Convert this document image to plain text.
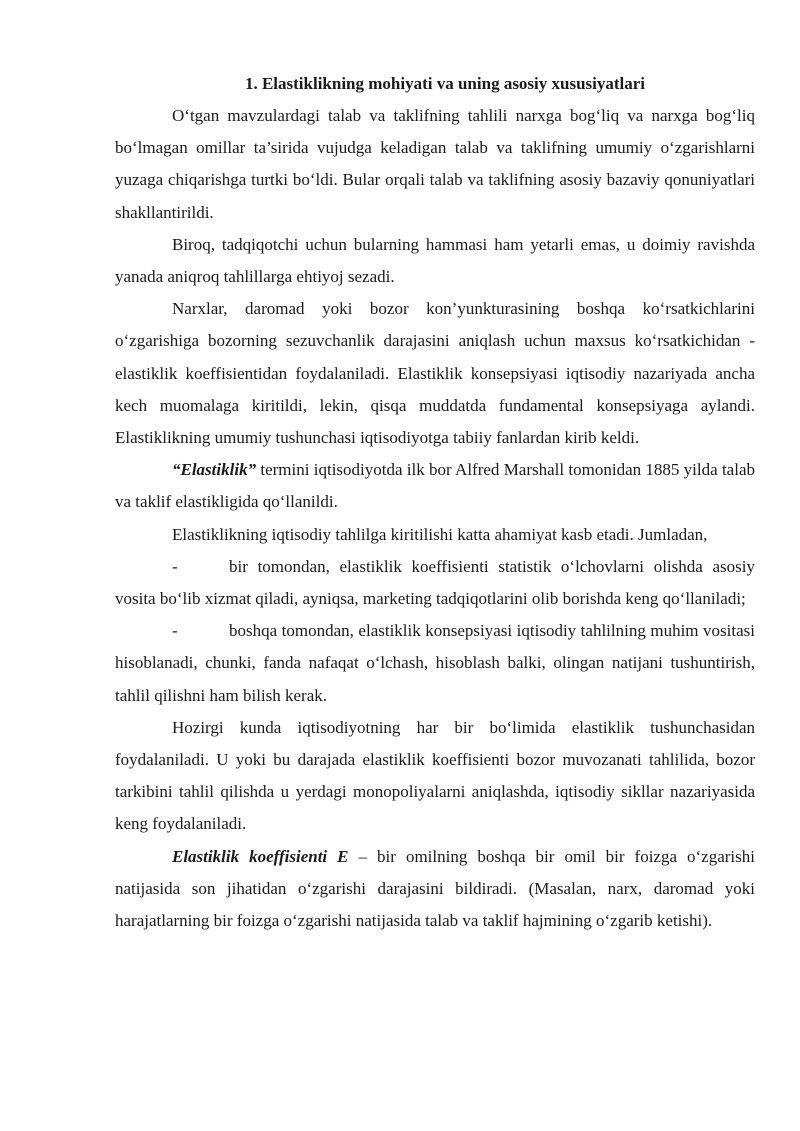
1. Elastiklikning mohiyati va uning asosiy xususiyatlari

O‘tgan mavzulardagi talab va taklifning tahlili narxga bog‘liq va narxga bog‘liq bo‘lmagan omillar ta’sirida vujudga keladigan talab va taklifning umumiy o‘zgarishlarni yuzaga chiqarishga turtki bo‘ldi. Bular orqali talab va taklifning asosiy bazaviy qonuniyatlari shakllantirildi.

Biroq, tadqiqotchi uchun bularning hammasi ham yetarli emas, u doimiy ravishda yanada aniqroq tahlillarga ehtiyoj sezadi.

Narxlar, daromad yoki bozor kon’yunkturasining boshqa ko‘rsatkichlarini o‘zgarishiga bozorning sezuvchanlik darajasini aniqlash uchun maxsus ko‘rsatkichidan - elastiklik koeffisientidan foydalaniladi. Elastiklik konsepsiyasi iqtisodiy nazariyada ancha kech muomalaga kiritildi, lekin, qisqa muddatda fundamental konsepsiyaga aylandi. Elastiklikning umumiy tushunchasi iqtisodiyotga tabiiy fanlardan kirib keldi.

“Elastiklik” termini iqtisodiyotda ilk bor Alfred Marshall tomonidan 1885 yilda talab va taklif elastikligida qo‘llanildi.

Elastiklikning iqtisodiy tahlilga kiritilishi katta ahamiyat kasb etadi. Jumladan,

-	bir tomondan, elastiklik koeffisienti statistik o‘lchovlarni olishda asosiy vosita bo‘lib xizmat qiladi, ayniqsa, marketing tadqiqotlarini olib borishda keng qo‘llaniladi;

-	boshqa tomondan, elastiklik konsepsiyasi iqtisodiy tahlilning muhim vositasi hisoblanadi, chunki, fanda nafaqat o‘lchash, hisoblash balki, olingan natijani tushuntirish, tahlil qilishni ham bilish kerak.

Hozirgi kunda iqtisodiyotning har bir bo‘limida elastiklik tushunchasidan foydalaniladi. U yoki bu darajada elastiklik koeffisienti bozor muvozanati tahlilida, bozor tarkibini tahlil qilishda u yerdagi monopoliyalarni aniqlashda, iqtisodiy sikllar nazariyasida keng foydalaniladi.

Elastiklik koeffisienti E – bir omilning boshqa bir omil bir foizga o‘zgarishi natijasida son jihatidan o‘zgarishi darajasini bildiradi. (Masalan, narx, daromad yoki harajatlarning bir foizga o‘zgarishi natijasida talab va taklif hajmining o‘zgarib ketishi).
